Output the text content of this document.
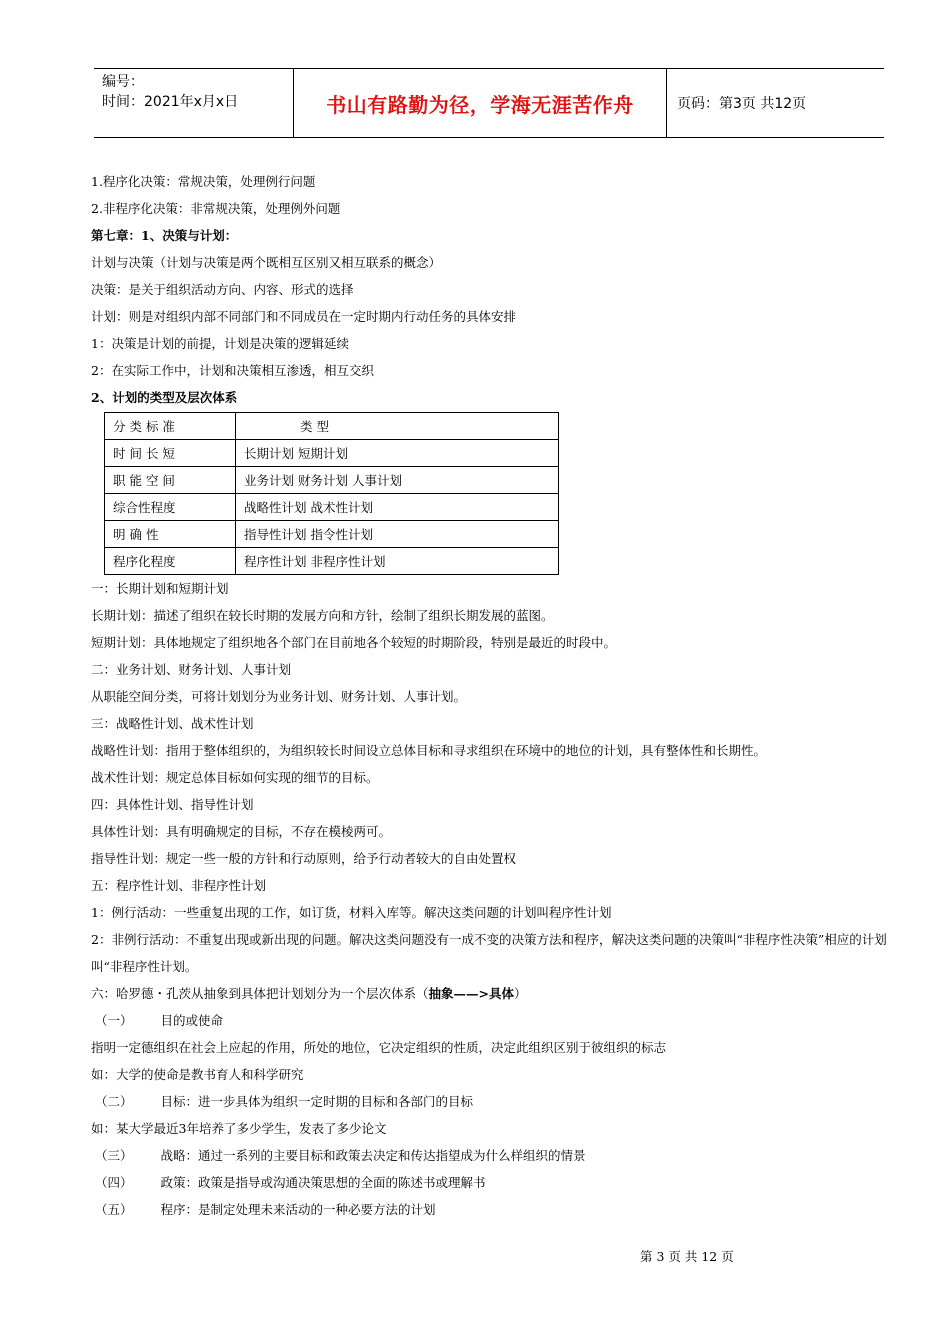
编号：
时间：2021年x月x日	书山有路勤为径，学海无涯苦作舟	页码：第3页 共12页
1.程序化决策：常规决策，处理例行问题
2.非程序化决策：非常规决策，处理例外问题
第七章：1、决策与计划：
计划与决策（计划与决策是两个既相互区别又相互联系的概念）
决策：是关于组织活动方向、内容、形式的选择
计划：则是对组织内部不同部门和不同成员在一定时期内行动任务的具体安排
1：决策是计划的前提，计划是决策的逻辑延续
2：在实际工作中，计划和决策相互渗透，相互交织
2、计划的类型及层次体系
分 类 标 准	类 型
时 间 长 短	长期计划 短期计划
职 能 空 间	业务计划 财务计划 人事计划
综合性程度	战略性计划 战术性计划
明 确 性	指导性计划 指令性计划
程序化程度	程序性计划 非程序性计划
一：长期计划和短期计划
长期计划：描述了组织在较长时期的发展方向和方针，绘制了组织长期发展的蓝图。
短期计划：具体地规定了组织地各个部门在目前地各个较短的时期阶段，特别是最近的时段中。
二：业务计划、财务计划、人事计划
从职能空间分类，可将计划划分为业务计划、财务计划、人事计划。
三：战略性计划、战术性计划
战略性计划：指用于整体组织的，为组织较长时间设立总体目标和寻求组织在环境中的地位的计划，具有整体性和长期性。
战术性计划：规定总体目标如何实现的细节的目标。
四：具体性计划、指导性计划
具体性计划：具有明确规定的目标，不存在模棱两可。
指导性计划：规定一些一般的方针和行动原则，给予行动者较大的自由处置权
五：程序性计划、非程序性计划
1：例行活动：一些重复出现的工作，如订货，材料入库等。解决这类问题的计划叫程序性计划
2：非例行活动：不重复出现或新出现的问题。解决这类问题没有一成不变的决策方法和程序，解决这类问题的决策叫“非程序性决策”相应的计划叫“非程序性计划。
六：哈罗德・孔茨从抽象到具体把计划划分为一个层次体系（抽象——>具体）
（一） 目的或使命
指明一定德组织在社会上应起的作用，所处的地位，它决定组织的性质，决定此组织区别于彼组织的标志
如：大学的使命是教书育人和科学研究
（二） 目标：进一步具体为组织一定时期的目标和各部门的目标
如：某大学最近3年培养了多少学生，发表了多少论文
（三） 战略：通过一系列的主要目标和政策去决定和传达指望成为什么样组织的情景
（四） 政策：政策是指导或沟通决策思想的全面的陈述书或理解书
（五） 程序：是制定处理未来活动的一种必要方法的计划
第 3 页 共 12 页
